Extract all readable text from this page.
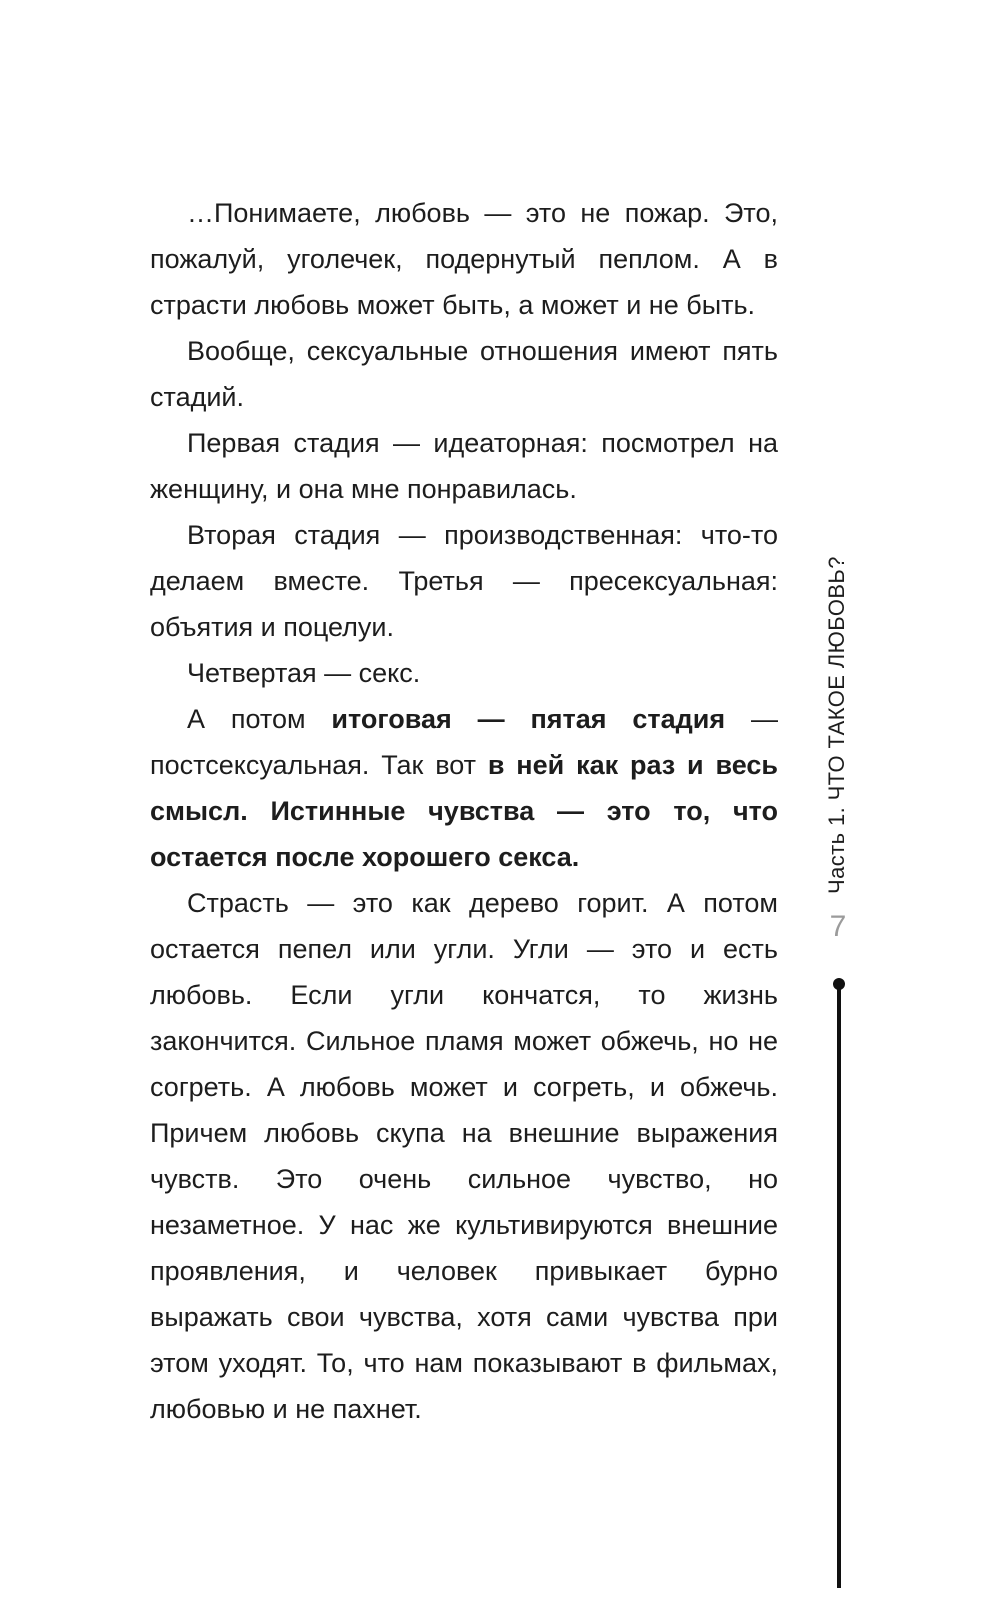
…Понимаете, любовь — это не пожар. Это, пожалуй, уголечек, подернутый пеплом. А в страсти любовь может быть, а может и не быть.

Вообще, сексуальные отношения имеют пять стадий.

Первая стадия — идеаторная: посмотрел на женщину, и она мне понравилась.

Вторая стадия — производственная: что-то делаем вместе. Третья — пресексуальная: объятия и поцелуи.

Четвертая — секс.

А потом итоговая — пятая стадия — постсексуальная. Так вот в ней как раз и весь смысл. Истинные чувства — это то, что остается после хорошего секса.

Страсть — это как дерево горит. А потом остается пепел или угли. Угли — это и есть любовь. Если угли кончатся, то жизнь закончится. Сильное пламя может обжечь, но не согреть. А любовь может и согреть, и обжечь. Причем любовь скупа на внешние выражения чувств. Это очень сильное чувство, но незаметное. У нас же культивируются внешние проявления, и человек привыкает бурно выражать свои чувства, хотя сами чувства при этом уходят. То, что нам показывают в фильмах, любовью и не пахнет.

Часть 1. ЧТО ТАКОЕ ЛЮБОВЬ?
7
